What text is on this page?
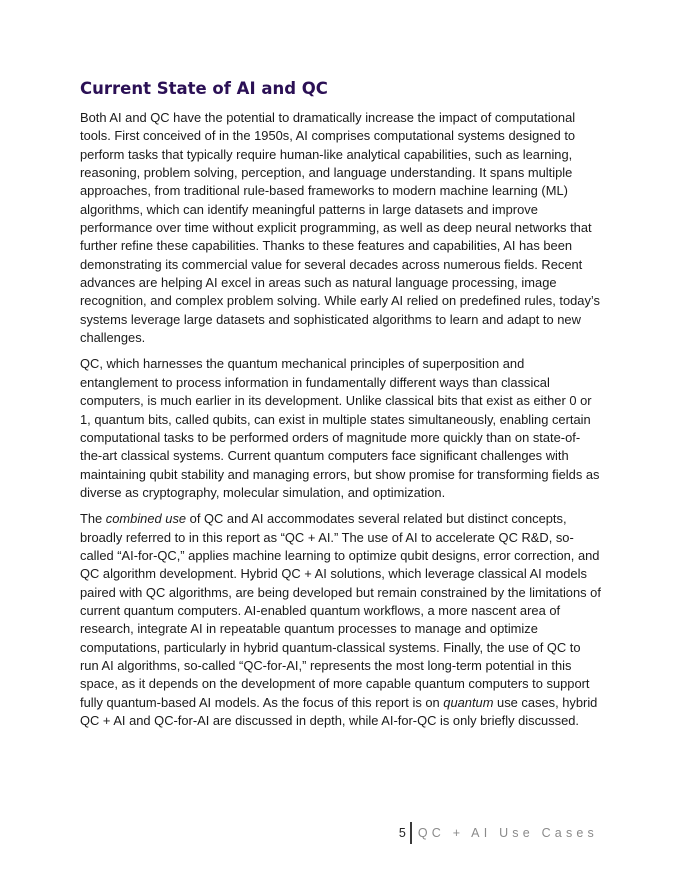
Current State of AI and QC

Both AI and QC have the potential to dramatically increase the impact of computational tools. First conceived of in the 1950s, AI comprises computational systems designed to perform tasks that typically require human-like analytical capabilities, such as learning, reasoning, problem solving, perception, and language understanding. It spans multiple approaches, from traditional rule-based frameworks to modern machine learning (ML) algorithms, which can identify meaningful patterns in large datasets and improve performance over time without explicit programming, as well as deep neural networks that further refine these capabilities. Thanks to these features and capabilities, AI has been demonstrating its commercial value for several decades across numerous fields. Recent advances are helping AI excel in areas such as natural language processing, image recognition, and complex problem solving. While early AI relied on predefined rules, today’s systems leverage large datasets and sophisticated algorithms to learn and adapt to new challenges.

QC, which harnesses the quantum mechanical principles of superposition and entanglement to process information in fundamentally different ways than classical computers, is much earlier in its development. Unlike classical bits that exist as either 0 or 1, quantum bits, called qubits, can exist in multiple states simultaneously, enabling certain computational tasks to be performed orders of magnitude more quickly than on state-of-the-art classical systems. Current quantum computers face significant challenges with maintaining qubit stability and managing errors, but show promise for transforming fields as diverse as cryptography, molecular simulation, and optimization.

The combined use of QC and AI accommodates several related but distinct concepts, broadly referred to in this report as “QC + AI.” The use of AI to accelerate QC R&D, so-called “AI-for-QC,” applies machine learning to optimize qubit designs, error correction, and QC algorithm development. Hybrid QC + AI solutions, which leverage classical AI models paired with QC algorithms, are being developed but remain constrained by the limitations of current quantum computers. AI-enabled quantum workflows, a more nascent area of research, integrate AI in repeatable quantum processes to manage and optimize computations, particularly in hybrid quantum-classical systems. Finally, the use of QC to run AI algorithms, so-called “QC-for-AI,” represents the most long-term potential in this space, as it depends on the development of more capable quantum computers to support fully quantum-based AI models. As the focus of this report is on quantum use cases, hybrid QC + AI and QC-for-AI are discussed in depth, while AI-for-QC is only briefly discussed.

5 QC + AI Use Cases
